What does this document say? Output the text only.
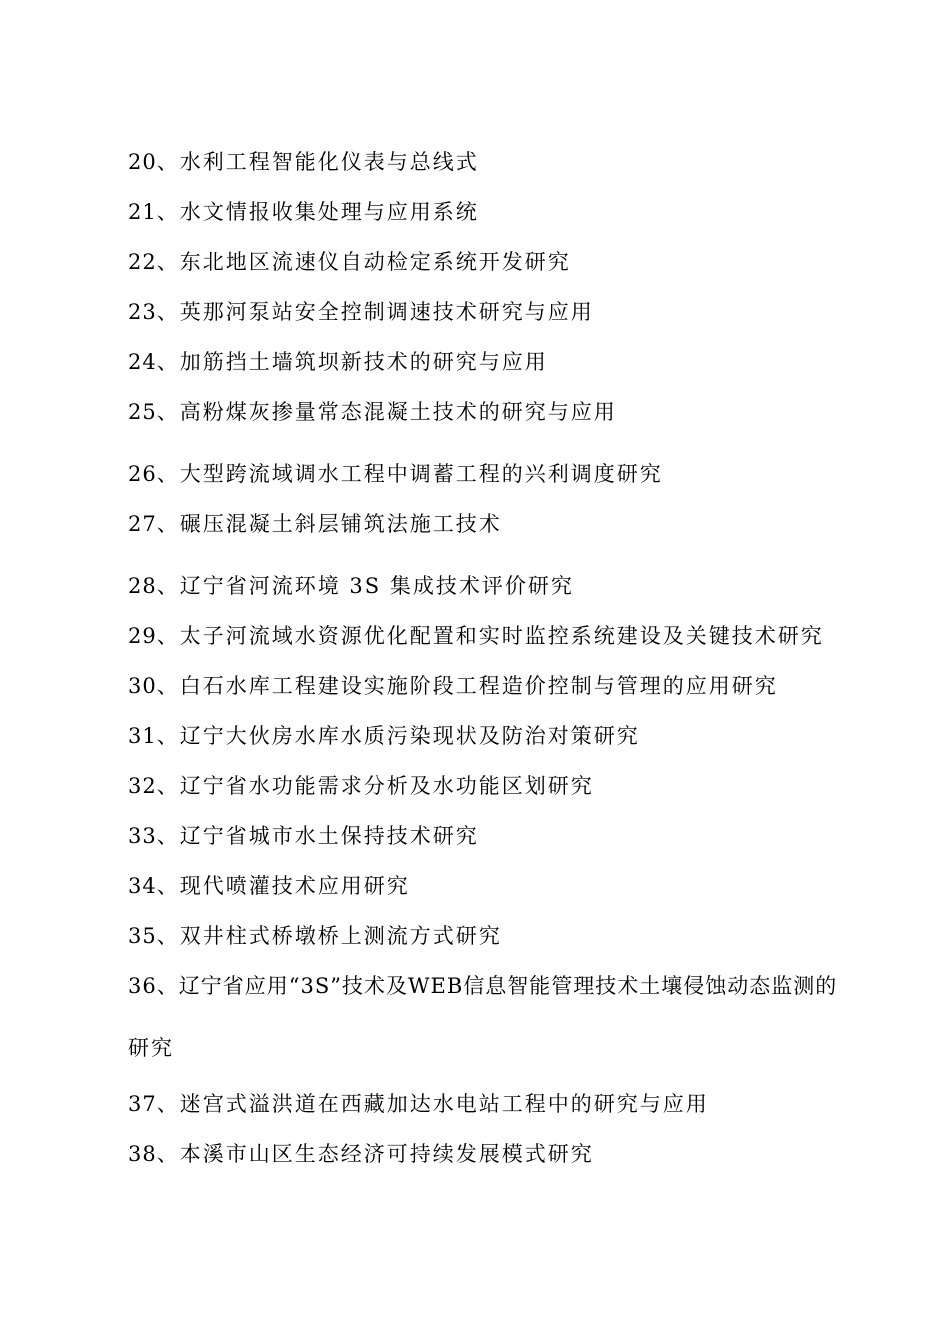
20、水利工程智能化仪表与总线式
21、水文情报收集处理与应用系统
22、东北地区流速仪自动检定系统开发研究
23、英那河泵站安全控制调速技术研究与应用
24、加筋挡土墙筑坝新技术的研究与应用
25、高粉煤灰掺量常态混凝土技术的研究与应用
26、大型跨流域调水工程中调蓄工程的兴利调度研究
27、碾压混凝土斜层铺筑法施工技术
28、辽宁省河流环境 3S 集成技术评价研究
29、太子河流域水资源优化配置和实时监控系统建设及关键技术研究
30、白石水库工程建设实施阶段工程造价控制与管理的应用研究
31、辽宁大伙房水库水质污染现状及防治对策研究
32、辽宁省水功能需求分析及水功能区划研究
33、辽宁省城市水土保持技术研究
34、现代喷灌技术应用研究
35、双井柱式桥墩桥上测流方式研究
36、辽宁省应用“3S”技术及WEB信息智能管理技术土壤侵蚀动态监测的
研究
37、迷宫式溢洪道在西藏加达水电站工程中的研究与应用
38、本溪市山区生态经济可持续发展模式研究
